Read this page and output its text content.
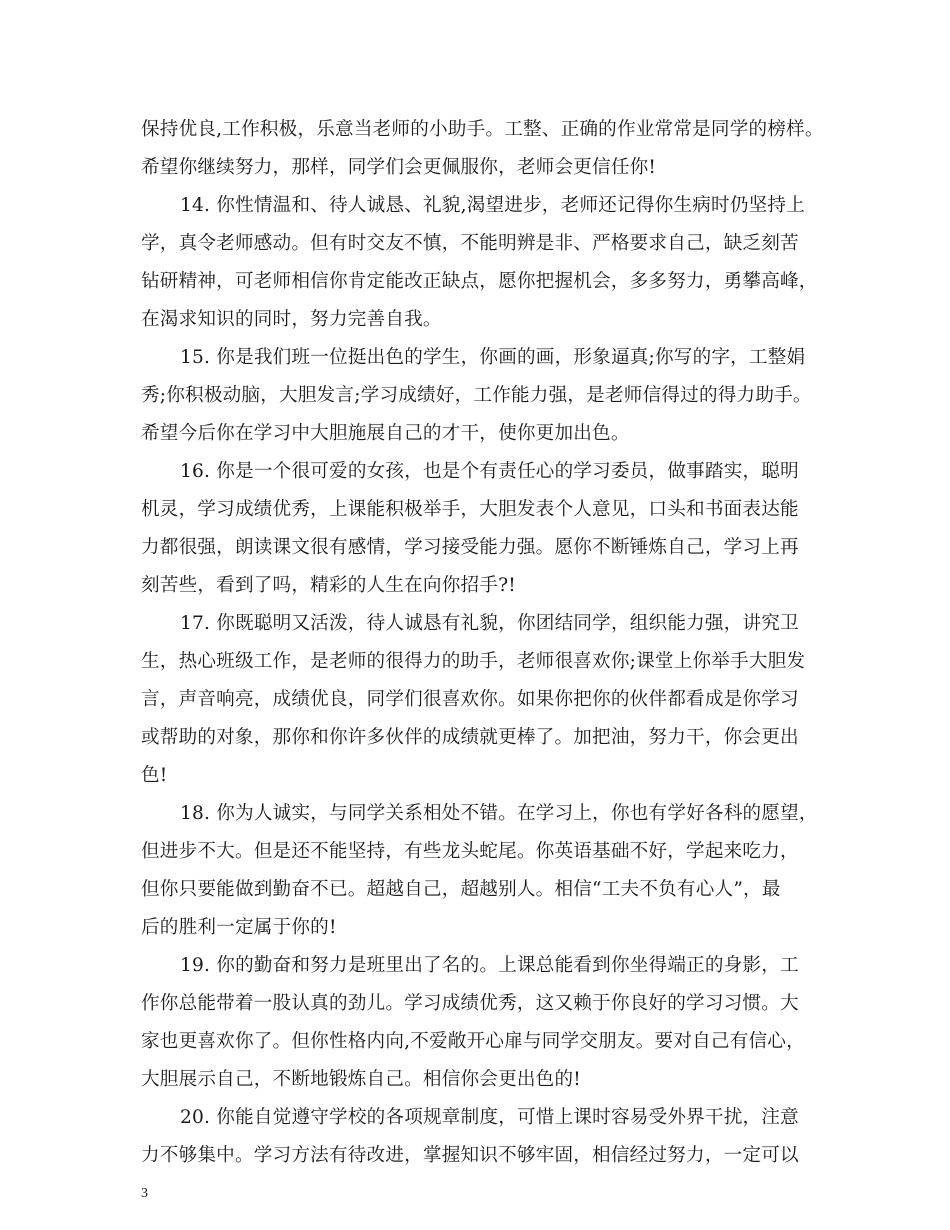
保持优良,工作积极，乐意当老师的小助手。工整、正确的作业常常是同学的榜样。
希望你继续努力，那样，同学们会更佩服你，老师会更信任你!
14. 你性情温和、待人诚恳、礼貌,渴望进步，老师还记得你生病时仍坚持上
学，真令老师感动。但有时交友不慎，不能明辨是非、严格要求自己，缺乏刻苦
钻研精神，可老师相信你肯定能改正缺点，愿你把握机会，多多努力，勇攀高峰，
在渴求知识的同时，努力完善自我。
15. 你是我们班一位挺出色的学生，你画的画，形象逼真;你写的字，工整娟
秀;你积极动脑，大胆发言;学习成绩好，工作能力强，是老师信得过的得力助手。
希望今后你在学习中大胆施展自己的才干，使你更加出色。
16. 你是一个很可爱的女孩，也是个有责任心的学习委员，做事踏实，聪明
机灵，学习成绩优秀，上课能积极举手，大胆发表个人意见，口头和书面表达能
力都很强，朗读课文很有感情，学习接受能力强。愿你不断锤炼自己，学习上再
刻苦些，看到了吗，精彩的人生在向你招手?!
17. 你既聪明又活泼，待人诚恳有礼貌，你团结同学，组织能力强，讲究卫
生，热心班级工作，是老师的很得力的助手，老师很喜欢你;课堂上你举手大胆发
言，声音响亮，成绩优良，同学们很喜欢你。如果你把你的伙伴都看成是你学习
或帮助的对象，那你和你许多伙伴的成绩就更棒了。加把油，努力干，你会更出
色!
18. 你为人诚实，与同学关系相处不错。在学习上，你也有学好各科的愿望，
但进步不大。但是还不能坚持，有些龙头蛇尾。你英语基础不好，学起来吃力，
但你只要能做到勤奋不已。超越自己，超越别人。相信“工夫不负有心人”，最
后的胜利一定属于你的!
19. 你的勤奋和努力是班里出了名的。上课总能看到你坐得端正的身影，工
作你总能带着一股认真的劲儿。学习成绩优秀，这又赖于你良好的学习习惯。大
家也更喜欢你了。但你性格内向,不爱敞开心扉与同学交朋友。要对自己有信心，
大胆展示自己，不断地锻炼自己。相信你会更出色的!
20. 你能自觉遵守学校的各项规章制度，可惜上课时容易受外界干扰，注意
力不够集中。学习方法有待改进，掌握知识不够牢固，相信经过努力，一定可以
3
